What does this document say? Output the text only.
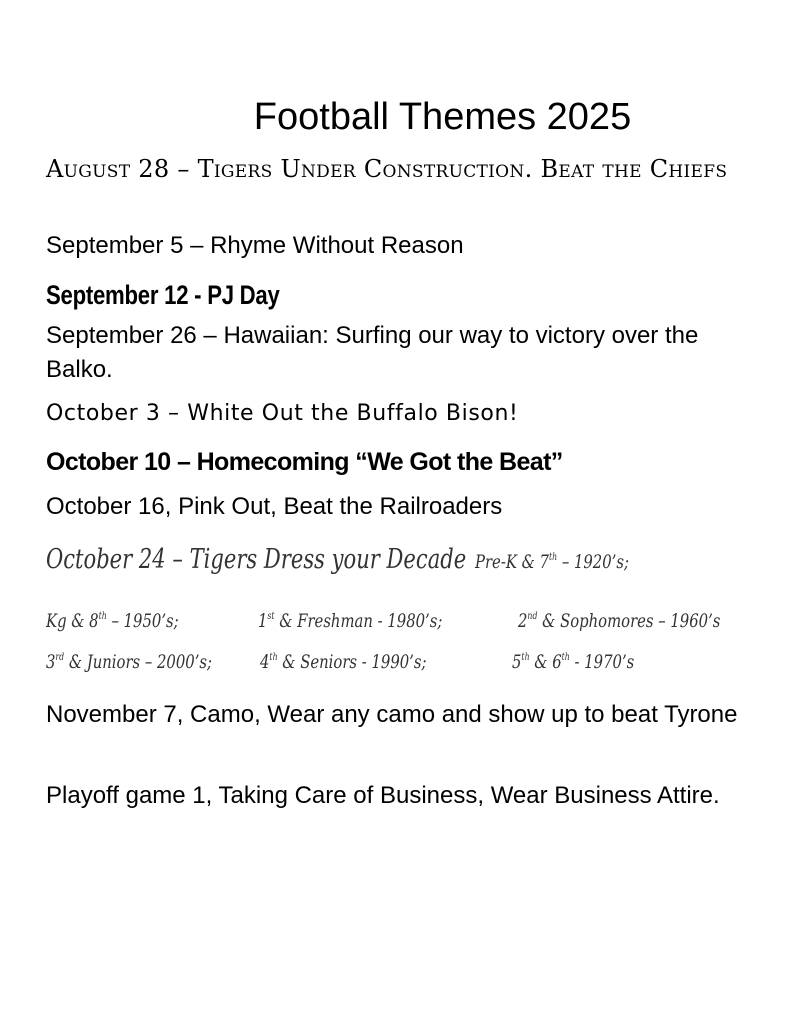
Football Themes 2025
August 28 – Tigers Under Construction. Beat the Chiefs
September 5 – Rhyme Without Reason
September 12 - PJ Day
September 26 – Hawaiian: Surfing our way to victory over the Balko.
October 3 – White Out the Buffalo Bison!
October 10 – Homecoming “We Got the Beat”
October 16, Pink Out, Beat the Railroaders
October 24 – Tigers Dress your Decade Pre-K & 7th – 1920’s;
Kg & 8th – 1950’s;	1st & Freshman - 1980’s;	2nd & Sophomores – 1960’s
3rd & Juniors – 2000’s;	4th & Seniors - 1990’s;	5th & 6th - 1970’s
November 7, Camo, Wear any camo and show up to beat Tyrone
Playoff game 1, Taking Care of Business, Wear Business Attire.
